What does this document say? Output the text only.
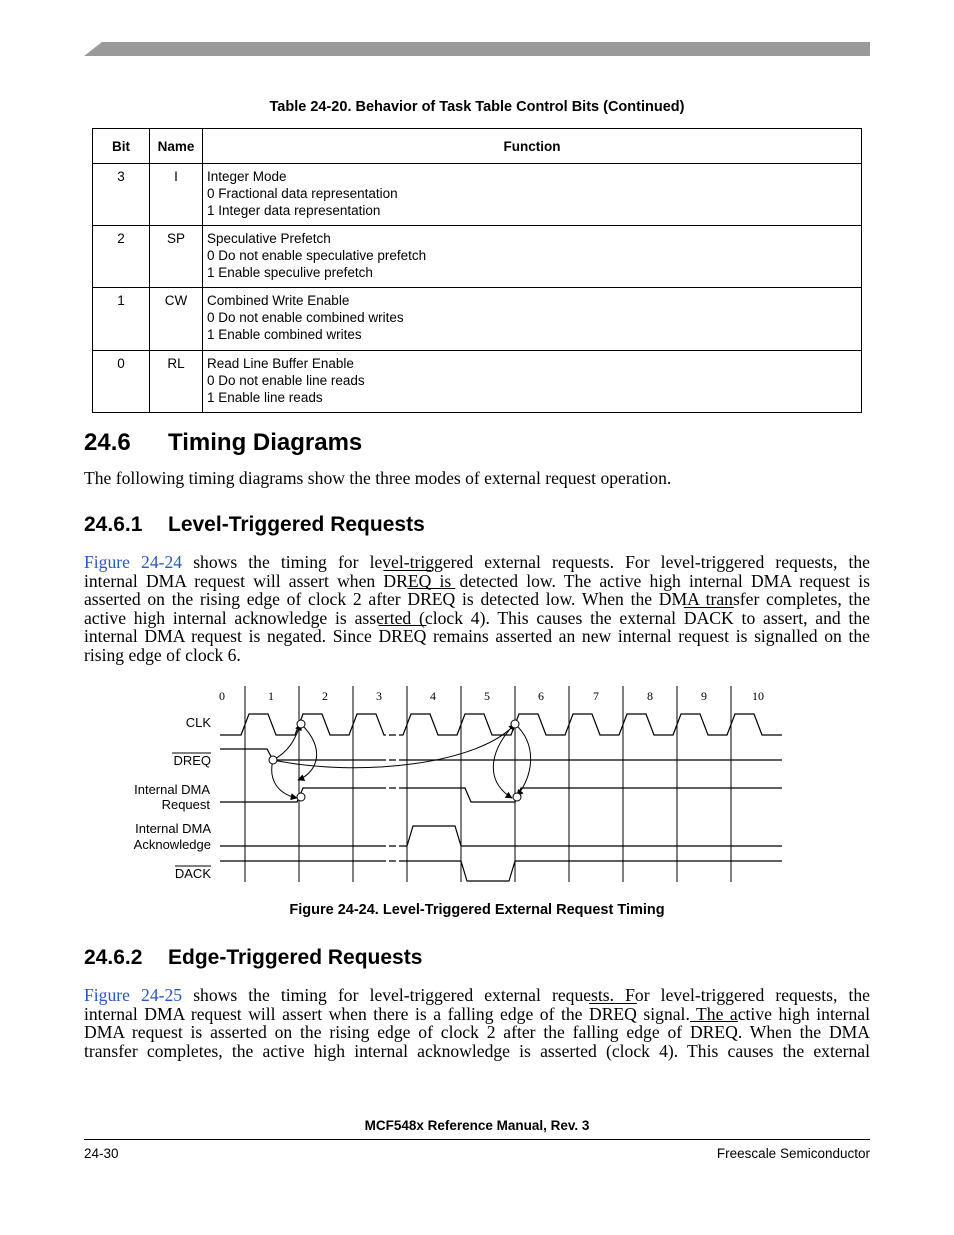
Table 24-20. Behavior of Task Table Control Bits (Continued)
Bit	Name	Function
3	I	Integer Mode
0 Fractional data representation
1 Integer data representation

2	SP	Speculative Prefetch
0 Do not enable speculative prefetch
1 Enable speculive prefetch

1	CW	Combined Write Enable
0 Do not enable combined writes
1 Enable combined writes

0	RL	Read Line Buffer Enable
0 Do not enable line reads
1 Enable line reads
24.6 Timing Diagrams

The following timing diagrams show the three modes of external request operation.

24.6.1 Level-Triggered Requests
Figure 24-24 shows the timing for level-triggered external requests. For level-triggered requests, the
internal DMA request will assert when DREQ is detected low. The active high internal DMA request is
asserted on the rising edge of clock 2 after DREQ is detected low. When the DMA transfer completes, the
active high internal acknowledge is asserted (clock 4). This causes the external DACK to assert, and the
internal DMA request is negated. Since DREQ remains asserted an new internal request is signalled on the
rising edge of clock 6.
0	1	2	3	4	5	6	7	8	9	10
CLK
DREQ
Internal DMA
Request
Internal DMA
Acknowledge
DACK
Figure 24-24. Level-Triggered External Request Timing
24.6.2 Edge-Triggered Requests
Figure 24-25 shows the timing for level-triggered external requests. For level-triggered requests, the
internal DMA request will assert when there is a falling edge of the DREQ signal. The active high internal
DMA request is asserted on the rising edge of clock 2 after the falling edge of DREQ. When the DMA
transfer completes, the active high internal acknowledge is asserted (clock 4). This causes the external
MCF548x Reference Manual, Rev. 3
24-30	Freescale Semiconductor
